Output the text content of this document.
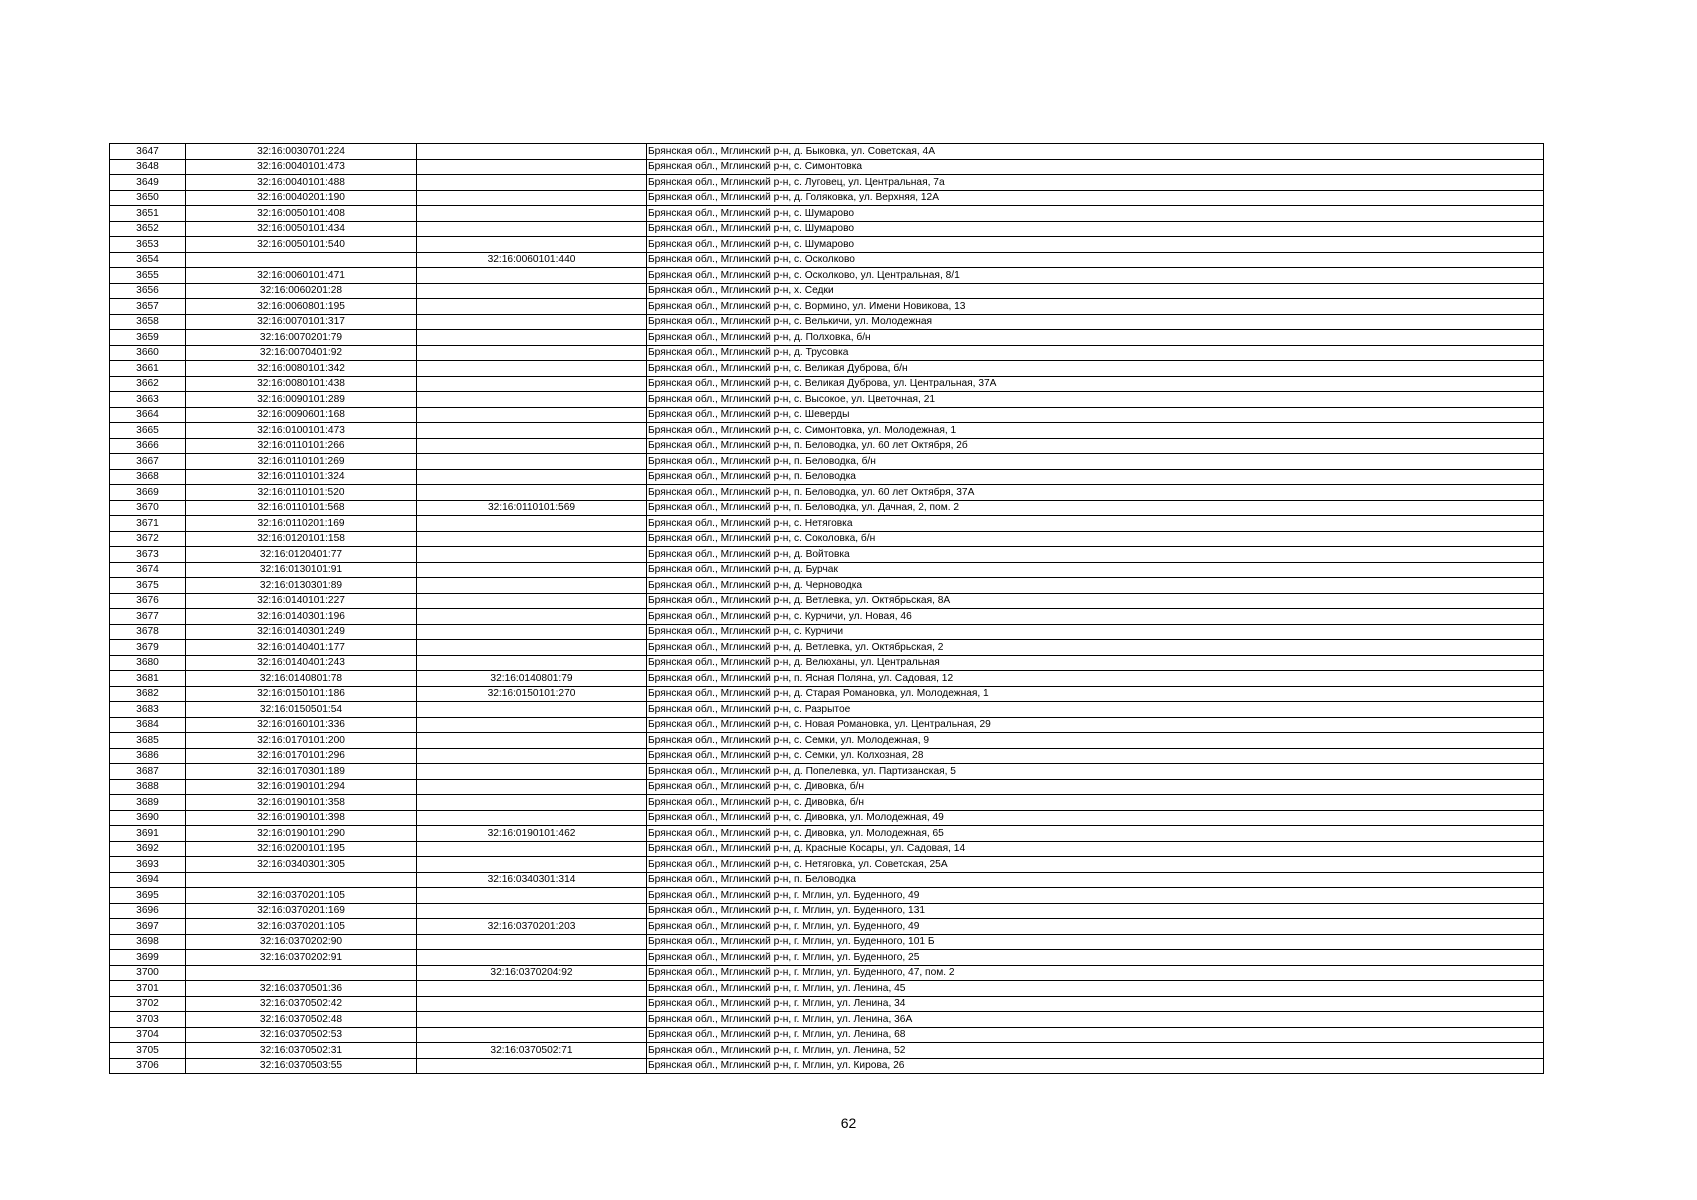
3647	32:16:0030701:224		Брянская обл., Мглинский р-н, д. Быковка, ул. Советская, 4А
3648	32:16:0040101:473		Брянская обл., Мглинский р-н, с. Симонтовка
3649	32:16:0040101:488		Брянская обл., Мглинский р-н, с. Луговец, ул. Центральная, 7а
3650	32:16:0040201:190		Брянская обл., Мглинский р-н, д. Голяковка, ул. Верхняя, 12А
3651	32:16:0050101:408		Брянская обл., Мглинский р-н, с. Шумарово
3652	32:16:0050101:434		Брянская обл., Мглинский р-н, с. Шумарово
3653	32:16:0050101:540		Брянская обл., Мглинский р-н, с. Шумарово
3654		32:16:0060101:440	Брянская обл., Мглинский р-н, с. Осколково
3655	32:16:0060101:471		Брянская обл., Мглинский р-н, с. Осколково, ул. Центральная, 8/1
3656	32:16:0060201:28		Брянская обл., Мглинский р-н, х. Седки
3657	32:16:0060801:195		Брянская обл., Мглинский р-н, с. Вормино, ул. Имени Новикова, 13
3658	32:16:0070101:317		Брянская обл., Мглинский р-н, с. Велькичи, ул. Молодежная
3659	32:16:0070201:79		Брянская обл., Мглинский р-н, д. Полховка, б/н
3660	32:16:0070401:92		Брянская обл., Мглинский р-н, д. Трусовка
3661	32:16:0080101:342		Брянская обл., Мглинский р-н, с. Великая Дуброва, б/н
3662	32:16:0080101:438		Брянская обл., Мглинский р-н, с. Великая Дуброва, ул. Центральная, 37А
3663	32:16:0090101:289		Брянская обл., Мглинский р-н, с. Высокое, ул. Цветочная, 21
3664	32:16:0090601:168		Брянская обл., Мглинский р-н, с. Шеверды
3665	32:16:0100101:473		Брянская обл., Мглинский р-н, с. Симонтовка, ул. Молодежная, 1
3666	32:16:0110101:266		Брянская обл., Мглинский р-н, п. Беловодка, ул. 60 лет Октября, 2б
3667	32:16:0110101:269		Брянская обл., Мглинский р-н, п. Беловодка, б/н
3668	32:16:0110101:324		Брянская обл., Мглинский р-н, п. Беловодка
3669	32:16:0110101:520		Брянская обл., Мглинский р-н, п. Беловодка, ул. 60 лет Октября, 37А
3670	32:16:0110101:568	32:16:0110101:569	Брянская обл., Мглинский р-н, п. Беловодка, ул. Дачная, 2, пом. 2
3671	32:16:0110201:169		Брянская обл., Мглинский р-н, с. Нетяговка
3672	32:16:0120101:158		Брянская обл., Мглинский р-н, с. Соколовка, б/н
3673	32:16:0120401:77		Брянская обл., Мглинский р-н, д. Войтовка
3674	32:16:0130101:91		Брянская обл., Мглинский р-н, д. Бурчак
3675	32:16:0130301:89		Брянская обл., Мглинский р-н, д. Черноводка
3676	32:16:0140101:227		Брянская обл., Мглинский р-н, д. Ветлевка, ул. Октябрьская, 8А
3677	32:16:0140301:196		Брянская обл., Мглинский р-н, с. Курчичи, ул. Новая, 46
3678	32:16:0140301:249		Брянская обл., Мглинский р-н, с. Курчичи
3679	32:16:0140401:177		Брянская обл., Мглинский р-н, д. Ветлевка, ул. Октябрьская, 2
3680	32:16:0140401:243		Брянская обл., Мглинский р-н, д. Велюханы, ул. Центральная
3681	32:16:0140801:78	32:16:0140801:79	Брянская обл., Мглинский р-н, п. Ясная Поляна, ул. Садовая, 12
3682	32:16:0150101:186	32:16:0150101:270	Брянская обл., Мглинский р-н, д. Старая Романовка, ул. Молодежная, 1
3683	32:16:0150501:54		Брянская обл., Мглинский р-н, с. Разрытое
3684	32:16:0160101:336		Брянская обл., Мглинский р-н, с. Новая Романовка, ул. Центральная, 29
3685	32:16:0170101:200		Брянская обл., Мглинский р-н, с. Семки, ул. Молодежная, 9
3686	32:16:0170101:296		Брянская обл., Мглинский р-н, с. Семки, ул. Колхозная, 28
3687	32:16:0170301:189		Брянская обл., Мглинский р-н, д. Попелевка, ул. Партизанская, 5
3688	32:16:0190101:294		Брянская обл., Мглинский р-н, с. Дивовка, б/н
3689	32:16:0190101:358		Брянская обл., Мглинский р-н, с. Дивовка, б/н
3690	32:16:0190101:398		Брянская обл., Мглинский р-н, с. Дивовка, ул. Молодежная, 49
3691	32:16:0190101:290	32:16:0190101:462	Брянская обл., Мглинский р-н, с. Дивовка, ул. Молодежная, 65
3692	32:16:0200101:195		Брянская обл., Мглинский р-н, д. Красные Косары, ул. Садовая, 14
3693	32:16:0340301:305		Брянская обл., Мглинский р-н, с. Нетяговка, ул. Советская, 25А
3694		32:16:0340301:314	Брянская обл., Мглинский р-н, п. Беловодка
3695	32:16:0370201:105		Брянская обл., Мглинский р-н, г. Мглин, ул. Буденного, 49
3696	32:16:0370201:169		Брянская обл., Мглинский р-н, г. Мглин, ул. Буденного, 131
3697	32:16:0370201:105	32:16:0370201:203	Брянская обл., Мглинский р-н, г. Мглин, ул. Буденного, 49
3698	32:16:0370202:90		Брянская обл., Мглинский р-н, г. Мглин, ул. Буденного, 101 Б
3699	32:16:0370202:91		Брянская обл., Мглинский р-н, г. Мглин, ул. Буденного, 25
3700		32:16:0370204:92	Брянская обл., Мглинский р-н, г. Мглин, ул. Буденного, 47, пом. 2
3701	32:16:0370501:36		Брянская обл., Мглинский р-н, г. Мглин, ул. Ленина, 45
3702	32:16:0370502:42		Брянская обл., Мглинский р-н, г. Мглин, ул. Ленина, 34
3703	32:16:0370502:48		Брянская обл., Мглинский р-н, г. Мглин, ул. Ленина, 36А
3704	32:16:0370502:53		Брянская обл., Мглинский р-н, г. Мглин, ул. Ленина, 68
3705	32:16:0370502:31	32:16:0370502:71	Брянская обл., Мглинский р-н, г. Мглин, ул. Ленина, 52
3706	32:16:0370503:55		Брянская обл., Мглинский р-н, г. Мглин, ул. Кирова, 26
62
